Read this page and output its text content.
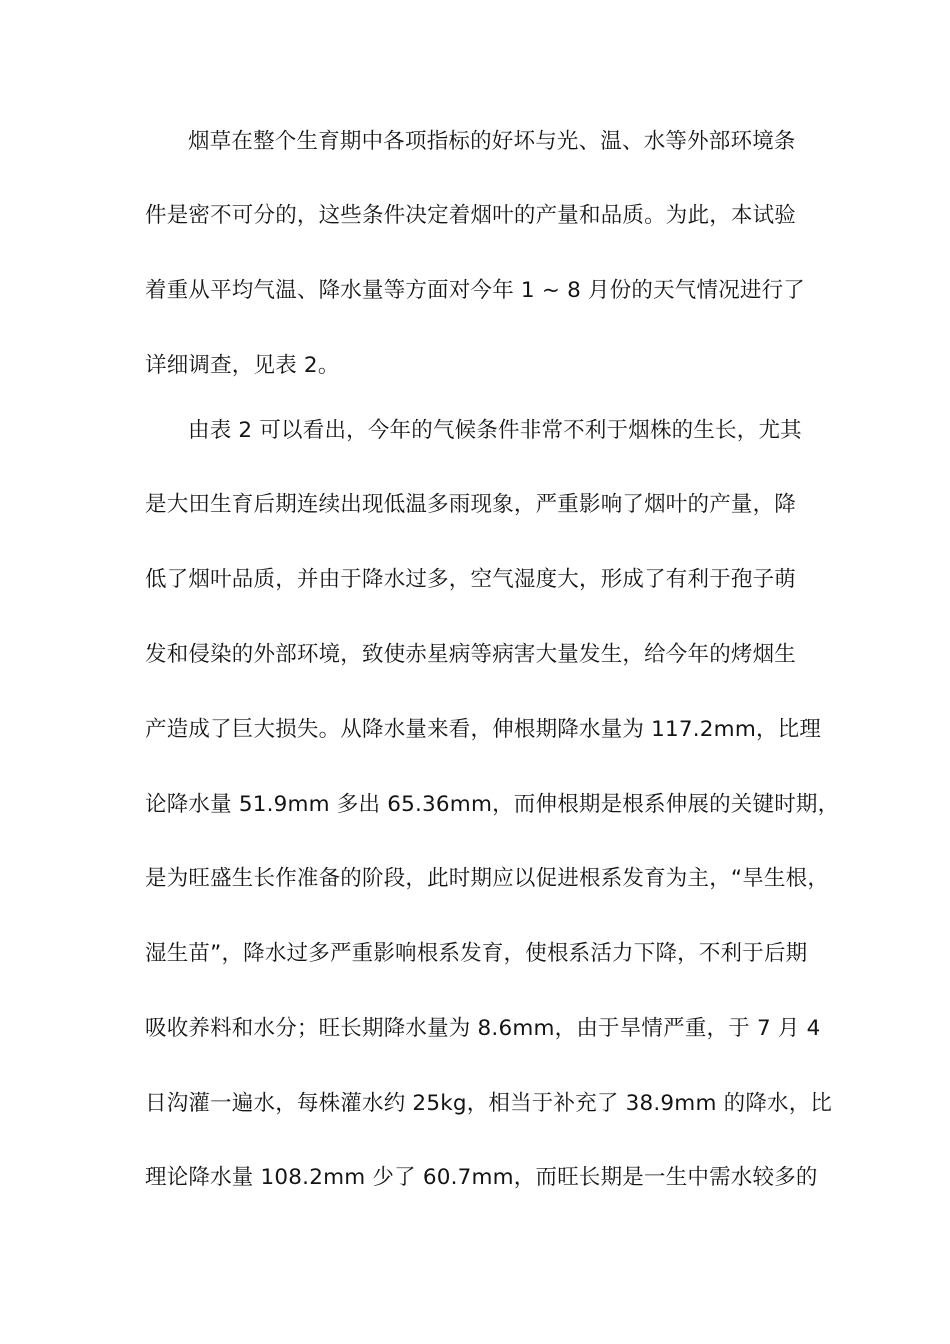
烟草在整个生育期中各项指标的好坏与光、温、水等外部环境条
件是密不可分的，这些条件决定着烟叶的产量和品质。为此，本试验
着重从平均气温、降水量等方面对今年 1 ~ 8 月份的天气情况进行了
详细调查，见表 2。
由表 2 可以看出，今年的气候条件非常不利于烟株的生长，尤其
是大田生育后期连续出现低温多雨现象，严重影响了烟叶的产量，降
低了烟叶品质，并由于降水过多，空气湿度大，形成了有利于孢子萌
发和侵染的外部环境，致使赤星病等病害大量发生，给今年的烤烟生
产造成了巨大损失。从降水量来看，伸根期降水量为 117.2mm，比理
论降水量 51.9mm 多出 65.36mm，而伸根期是根系伸展的关键时期，
是为旺盛生长作准备的阶段，此时期应以促进根系发育为主，“旱生根，
湿生苗”，降水过多严重影响根系发育，使根系活力下降，不利于后期
吸收养料和水分；旺长期降水量为 8.6mm，由于旱情严重，于 7 月 4
日沟灌一遍水，每株灌水约 25kg，相当于补充了 38.9mm 的降水，比
理论降水量 108.2mm 少了 60.7mm，而旺长期是一生中需水较多的
